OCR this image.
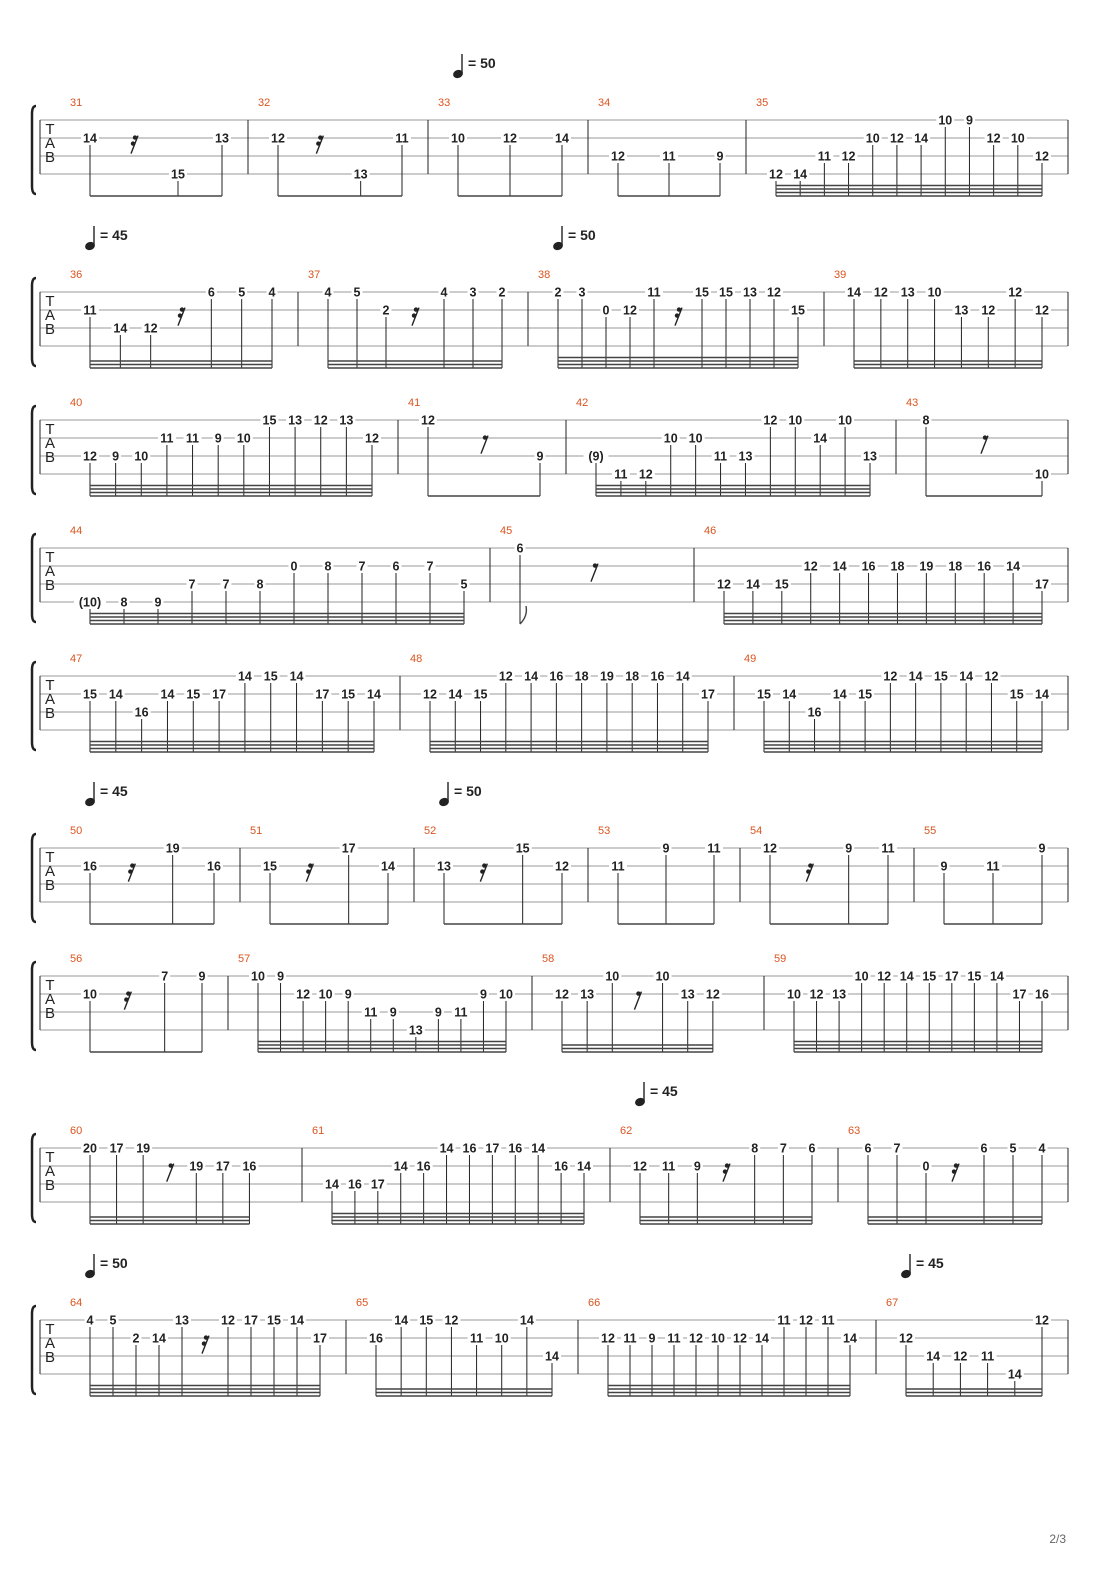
T
A
B
= 50
31
14
15
13
32
12
13
11
33
10	12	14
34
12	11	9
35
12 14
11 12
10 12 14
10 9
12 10
12
T
A
B
= 45	= 50
36
11
14 12
6 5 4
37
4 5
2
4 3 2
38
2 3
0 12
11	15 15 13 12
15
39
14 12 13 10
13 12
12
12
T
A
B
40
12 9 10
11 11 9 10
15 13 12 13
12
41
12
9
42
(9)
11 12
10 10
11 13
12 10
14
10
13
43
8
10
T
A
B
44
(10) 8 9
7 7 8
0 8 7 6 7
5
45
6
46
12 14 15
12 14 16 18 19 18 16 14
17
T
A
B
47
15 14
16
14 15 17
14 15 14
17 15 14
48
12 14 15
12 14 16 18 19 18 16 14
17
49
15 14
16
14 15
12 14 15 14 12
15 14
T
A
B
= 45	= 50
50
16
19
16
51
15
17
14
52
13
15
12
53
11
9	11
54
12	9 11
55
9	11
9
T
A
B
56
10
7 9
57
10 9
12 10 9
11 9
13
9 11
9 10
58
12 13
10	10
13 12
59
10 12 13
10 12 14 15 17 15 14
17 16
T
A
B
= 45
60
20 17 19
19 17 16
61
14 16 17
14 16
14 16 17 16 14
16 14
62
12 11 9
8 7 6
63
6 7
0
6 5 4
T
A
B
= 50	= 45
64
4 5
2 14
13	12 17 15 14
17
65
16
14 15 12
11 10
14
14
66
12 11 9 11 12 10 12 14
11 12 11
14
67
12
14 12 11
14
12
2/3
